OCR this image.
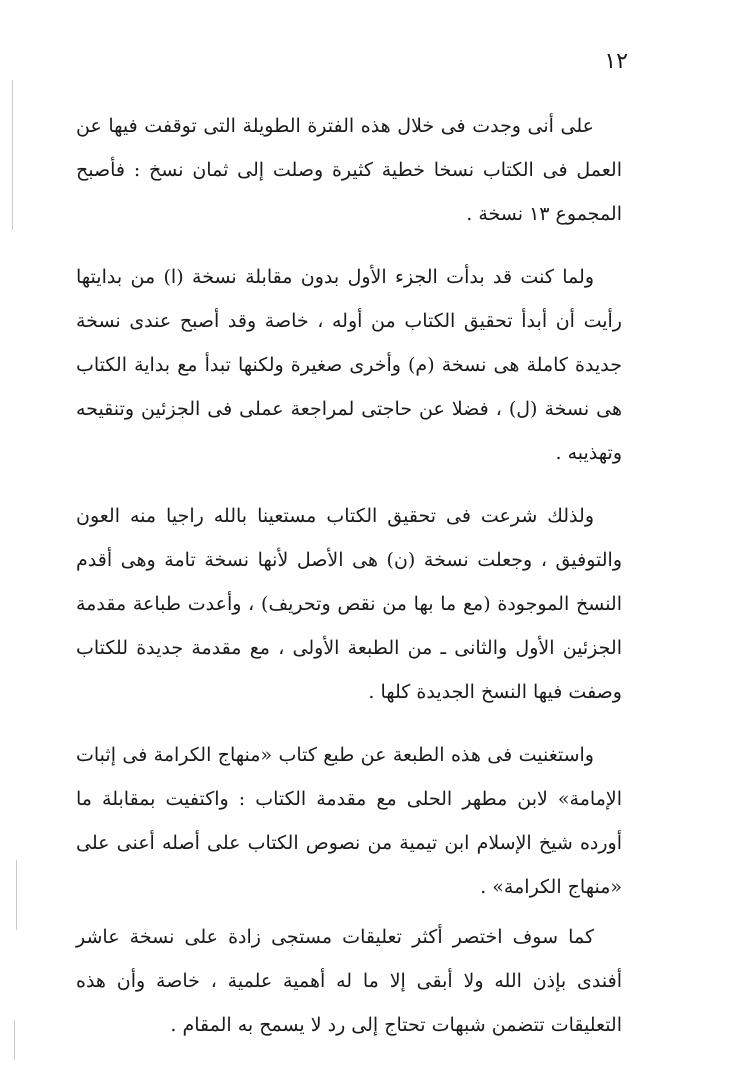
١٢

على أنى وجدت فى خلال هذه الفترة الطويلة التى توقفت فيها عن العمل فى الكتاب نسخا خطية كثيرة وصلت إلى ثمان نسخ : فأصبح المجموع ١٣ نسخة .

ولما كنت قد بدأت الجزء الأول بدون مقابلة نسخة (ا) من بدايتها رأيت أن أبدأ تحقيق الكتاب من أوله ، خاصة وقد أصبح عندى نسخة جديدة كاملة هى نسخة (م) وأخرى صغيرة ولكنها تبدأ مع بداية الكتاب هى نسخة (ل) ، فضلا عن حاجتى لمراجعة عملى فى الجزئين وتنقيحه وتهذيبه .

ولذلك شرعت فى تحقيق الكتاب مستعينا بالله راجيا منه العون والتوفيق ، وجعلت نسخة (ن) هى الأصل لأنها نسخة تامة وهى أقدم النسخ الموجودة (مع ما بها من نقص وتحريف) ، وأعدت طباعة مقدمة الجزئين الأول والثانى ـ من الطبعة الأولى ، مع مقدمة جديدة للكتاب وصفت فيها النسخ الجديدة كلها .

واستغنيت فى هذه الطبعة عن طبع كتاب «منهاج الكرامة فى إثبات الإمامة» لابن مطهر الحلى مع مقدمة الكتاب : واكتفيت بمقابلة ما أورده شيخ الإسلام ابن تيمية من نصوص الكتاب على أصله أعنى على «منهاج الكرامة» .

كما سوف اختصر أكثر تعليقات مستجى زادة على نسخة عاشر أفندى بإذن الله ولا أبقى إلا ما له أهمية علمية ، خاصة وأن هذه التعليقات تتضمن شبهات تحتاج إلى رد لا يسمح به المقام .
